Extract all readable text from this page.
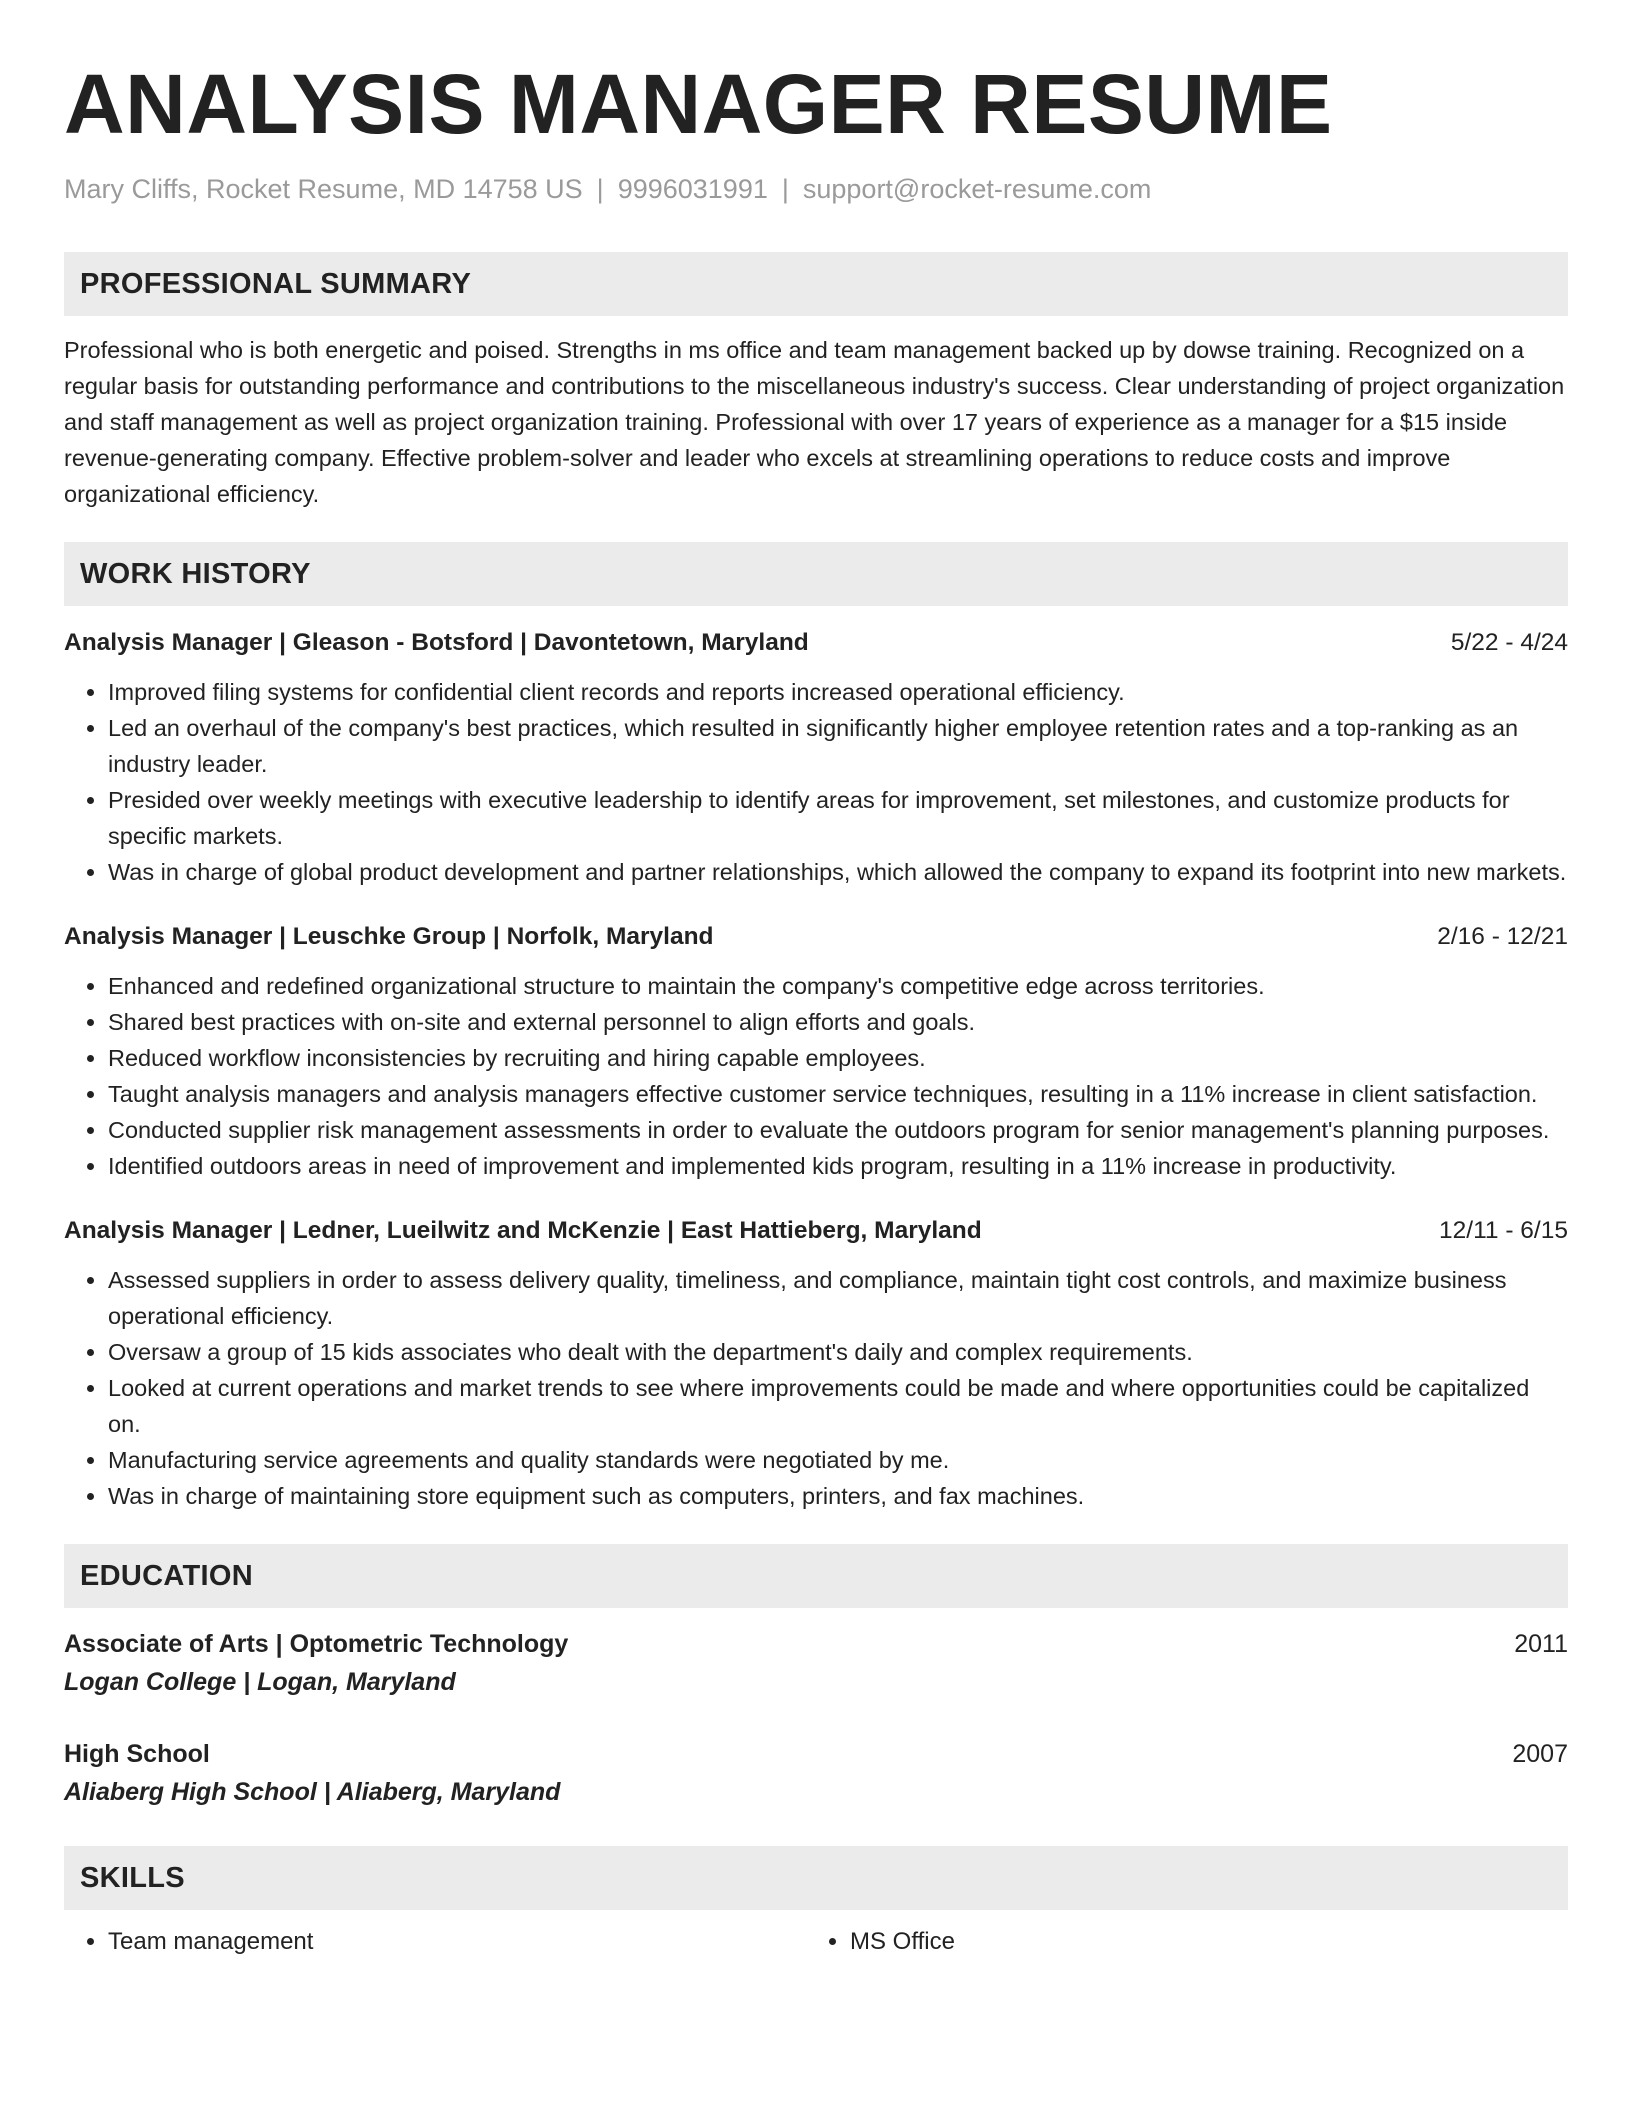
ANALYSIS MANAGER RESUME
Mary Cliffs, Rocket Resume, MD 14758 US | 9996031991 | support@rocket-resume.com
PROFESSIONAL SUMMARY
Professional who is both energetic and poised. Strengths in ms office and team management backed up by dowse training. Recognized on a regular basis for outstanding performance and contributions to the miscellaneous industry's success. Clear understanding of project organization and staff management as well as project organization training. Professional with over 17 years of experience as a manager for a $15 inside revenue-generating company. Effective problem-solver and leader who excels at streamlining operations to reduce costs and improve organizational efficiency.
WORK HISTORY
Analysis Manager | Gleason - Botsford | Davontetown, Maryland	5/22 - 4/24
• Improved filing systems for confidential client records and reports increased operational efficiency.
• Led an overhaul of the company's best practices, which resulted in significantly higher employee retention rates and a top-ranking as an industry leader.
• Presided over weekly meetings with executive leadership to identify areas for improvement, set milestones, and customize products for specific markets.
• Was in charge of global product development and partner relationships, which allowed the company to expand its footprint into new markets.
Analysis Manager | Leuschke Group | Norfolk, Maryland	2/16 - 12/21
• Enhanced and redefined organizational structure to maintain the company's competitive edge across territories.
• Shared best practices with on-site and external personnel to align efforts and goals.
• Reduced workflow inconsistencies by recruiting and hiring capable employees.
• Taught analysis managers and analysis managers effective customer service techniques, resulting in a 11% increase in client satisfaction.
• Conducted supplier risk management assessments in order to evaluate the outdoors program for senior management's planning purposes.
• Identified outdoors areas in need of improvement and implemented kids program, resulting in a 11% increase in productivity.
Analysis Manager | Ledner, Lueilwitz and McKenzie | East Hattieberg, Maryland	12/11 - 6/15
• Assessed suppliers in order to assess delivery quality, timeliness, and compliance, maintain tight cost controls, and maximize business operational efficiency.
• Oversaw a group of 15 kids associates who dealt with the department's daily and complex requirements.
• Looked at current operations and market trends to see where improvements could be made and where opportunities could be capitalized on.
• Manufacturing service agreements and quality standards were negotiated by me.
• Was in charge of maintaining store equipment such as computers, printers, and fax machines.
EDUCATION
Associate of Arts | Optometric Technology	2011
Logan College | Logan, Maryland
High School	2007
Aliaberg High School | Aliaberg, Maryland
SKILLS
• Team management
•	MS Office
